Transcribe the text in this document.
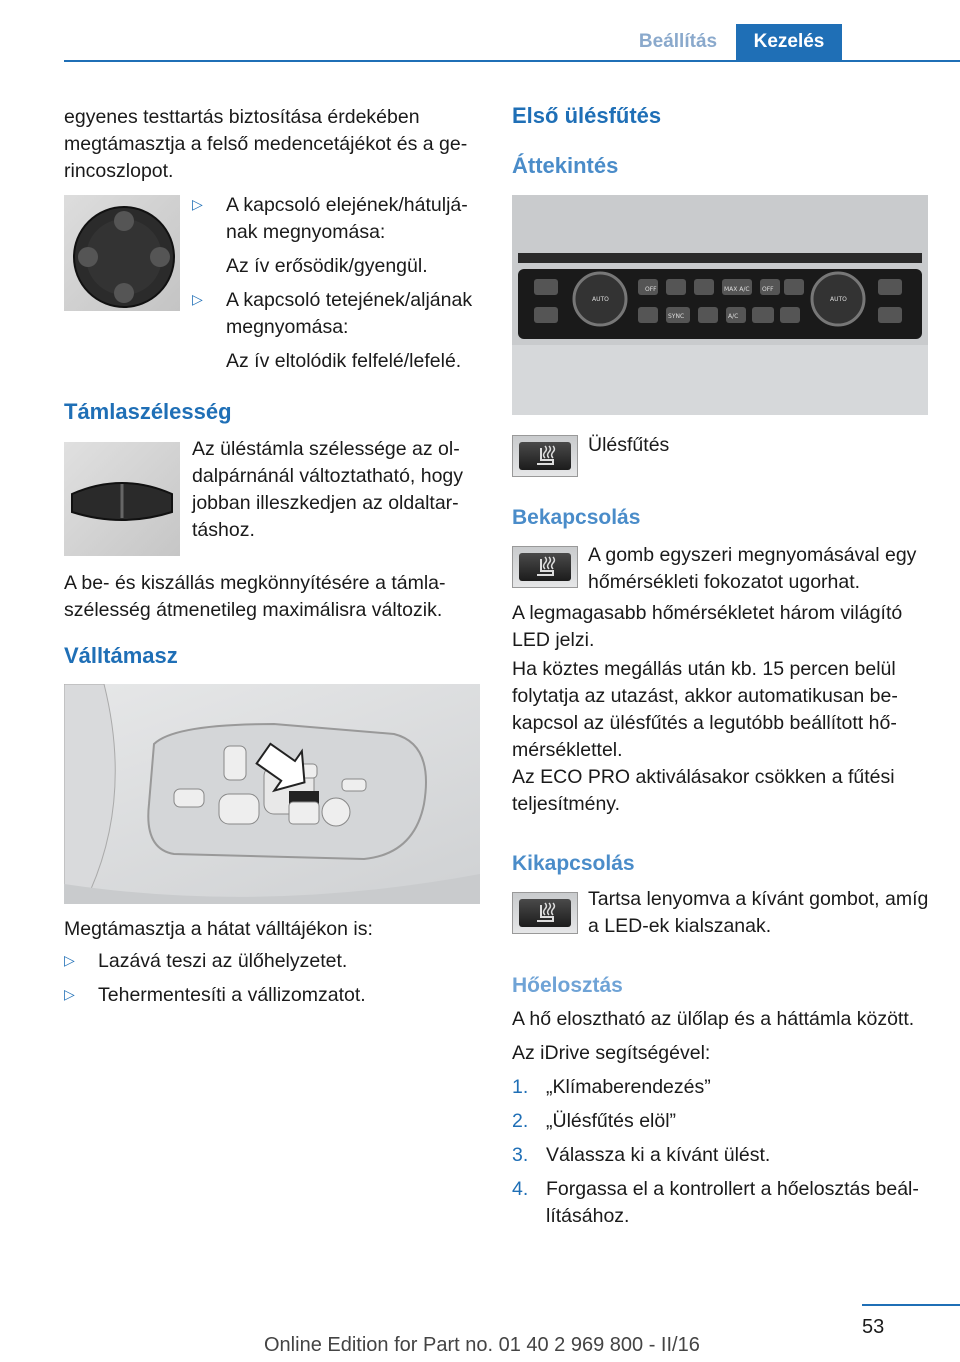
Beállítás	Kezelés

egyenes testtartás biztosítása érdekében megtámasztja a felső medencetájékot és a ge-rincoszlopot.

▷ A kapcsoló elejének/hátuljá-nak megnyomása:

Az ív erősödik/gyengül.

▷ A kapcsoló tetejének/aljának megnyomása:

Az ív eltolódik felfelé/lefelé.

Támlaszélesség

Az üléstámla szélessége az ol-dalpárnánál változtatható, hogy jobban illeszkedjen az oldaltar-táshoz.

A be- és kiszállás megkönnyítésére a támla-szélesség átmenetileg maximálisra változik.

Válltámasz

Megtámasztja a hátat válltájékon is:

▷ Lazává teszi az ülőhelyzetet.

▷ Tehermentesíti a vállizomzatot.

Első ülésfűtés
Áttekintés
AUTO
OFF	MAX A/C OFF
AUTO
SYNC	A/C

Ülésfűtés

Bekapcsolás

A gomb egyszeri megnyomásával egy hőmérsékleti fokozatot ugorhat.

A legmagasabb hőmérsékletet három világító LED jelzi.

Ha köztes megállás után kb. 15 percen belül folytatja az utazást, akkor automatikusan be-kapcsol az ülésfűtés a legutóbb beállított hő-mérséklettel.

Az ECO PRO aktiválásakor csökken a fűtési teljesítmény.

Kikapcsolás

Tartsa lenyomva a kívánt gombot, amíg a LED-ek kialszanak.

Hőelosztás

A hő elosztható az ülőlap és a háttámla között.

Az iDrive segítségével:

1. „Klímaberendezés”

2. „Ülésfűtés elöl”

3. Válassza ki a kívánt ülést.

4. Forgassa el a kontrollert a hőelosztás beál-lításához.

53
Online Edition for Part no. 01 40 2 969 800 - II/16
